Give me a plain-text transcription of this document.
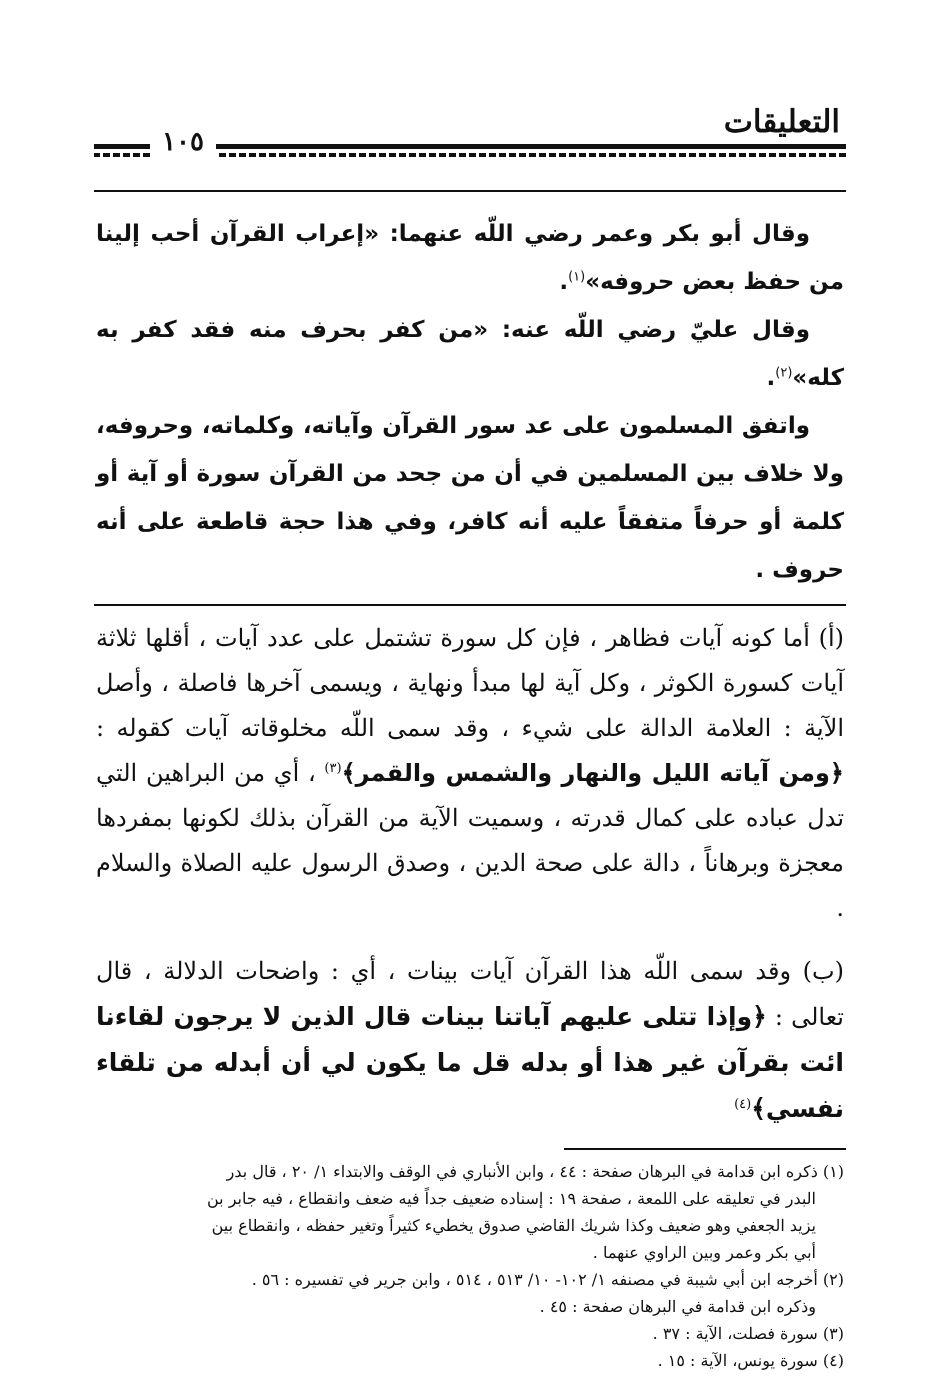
التعليقات
١٠٥

وقال أبو بكر وعمر رضي اللّه عنهما: «إعراب القرآن أحب إلينا من حفظ بعض حروفه»$^{(١)}$.

وقال عليّ رضي اللّه عنه: «من كفر بحرف منه فقد كفر به كله»$^{(٢)}$.

واتفق المسلمون على عد سور القرآن وآياته، وكلماته، وحروفه، ولا خلاف بين المسلمين في أن من جحد من القرآن سورة أو آية أو كلمة أو حرفاً متفقاً عليه أنه كافر، وفي هذا حجة قاطعة على أنه حروف .

(أ) أما كونه آيات فظاهر ، فإن كل سورة تشتمل على عدد آيات ، أقلها ثلاثة آيات كسورة الكوثر ، وكل آية لها مبدأ ونهاية ، ويسمى آخرها فاصلة ، وأصل الآية : العلامة الدالة على شيء ، وقد سمى اللّه مخلوقاته آيات كقوله : ﴿ومن آياته الليل والنهار والشمس والقمر﴾$^{(٣)}$ ، أي من البراهين التي تدل عباده على كمال قدرته ، وسميت الآية من القرآن بذلك لكونها بمفردها معجزة وبرهاناً ، دالة على صحة الدين ، وصدق الرسول عليه الصلاة والسلام .

(ب) وقد سمى اللّه هذا القرآن آيات بينات ، أي : واضحات الدلالة ، قال تعالى : ﴿وإذا تتلى عليهم آياتنا بينات قال الذين لا يرجون لقاءنا ائت بقرآن غير هذا أو بدله قل ما يكون لي أن أبدله من تلقاء نفسي﴾$^{(٤)}$

(١) ذكره ابن قدامة في البرهان صفحة : ٤٤ ، وابن الأنباري في الوقف والابتداء ١/ ٢٠ ، قال بدر

البدر في تعليقه على اللمعة ، صفحة ١٩ : إسناده ضعيف جداً فيه ضعف وانقطاع ، فيه جابر بن

يزيد الجعفي وهو ضعيف وكذا شريك القاضي صدوق يخطيء كثيراً وتغير حفظه ، وانقطاع بين

أبي بكر وعمر وبين الراوي عنهما .

(٢) أخرجه ابن أبي شيبة في مصنفه ١/ ١٠٢- ١٠/ ٥١٣ ، ٥١٤ ، وابن جرير في تفسيره : ٥٦ .

وذكره ابن قدامة في البرهان صفحة : ٤٥ .

(٣) سورة فصلت، الآية : ٣٧ .

(٤) سورة يونس، الآية : ١٥ .
